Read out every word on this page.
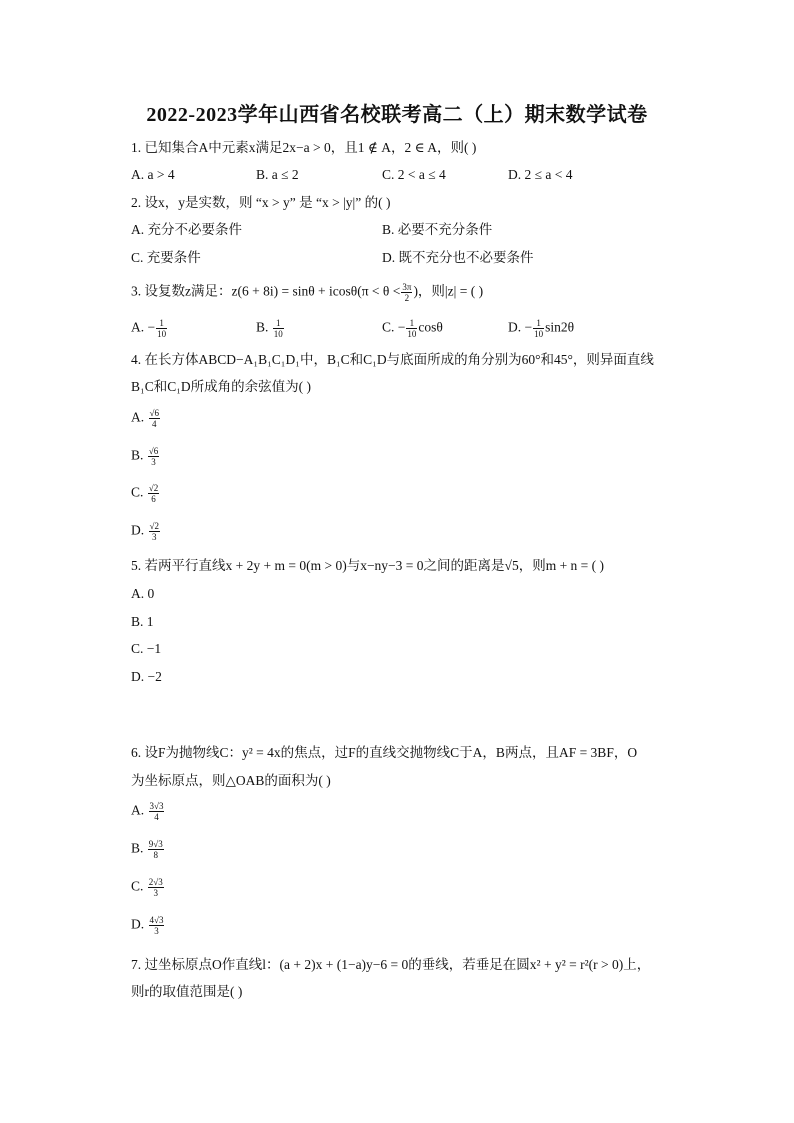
2022-2023学年山西省名校联考高二（上）期末数学试卷
1. 已知集合A中元素x满足2x−a > 0，且1 ∉ A，2 ∈ A，则( )
A. a > 4	B. a ≤ 2	C. 2 < a ≤ 4	D. 2 ≤ a < 4
2. 设x，y是实数，则 “x > y” 是 “x > |y|” 的( )
A. 充分不必要条件	B. 必要不充分条件
C. 充要条件	D. 既不充分也不必要条件
3. 设复数z满足：$z(6 + 8i) = \sin\theta + icos\theta(\pi < \theta < \frac{3\pi}{2}$ )，则|z| = ( )
A. − $\frac{1}{10}$	B. $\frac{1}{10}$	C. − $\frac{1}{10}$ cosθ	D. − $\frac{1}{10} \sin 2\theta$
4. 在长方体ABCD−A₁B₁C₁D₁中，B₁C和C₁D与底面所成的角分别为60°和45°，则异面直线
B₁C和C₁D所成角的余弦值为( )
A. $\frac{√6}{4}$
B. $\frac{√6}{3}$
C. $\frac{√2}{6}$
D. $\frac{√2}{3}$
5. 若两平行直线x + 2y + m = 0(m > 0)与x−ny−3 = 0之间的距离是√5，则m + n = ( )
A. 0
B. 1
C. −1
D. −2
6. 设F为抛物线C：y² = 4x的焦点，过F的直线交抛物线C于A，B两点，且AF = 3BF，O
为坐标原点，则△OAB的面积为( )
A. $\frac{3√3}{4}$
B. $\frac{9√3}{8}$
C. $\frac{2√3}{3}$
D. $\frac{4√3}{3}$
7. 过坐标原点O作直线l：(a + 2)x + (1−a)y−6 = 0的垂线，若垂足在圆x² + y² = r²(r > 0)上，
则r的取值范围是( )
